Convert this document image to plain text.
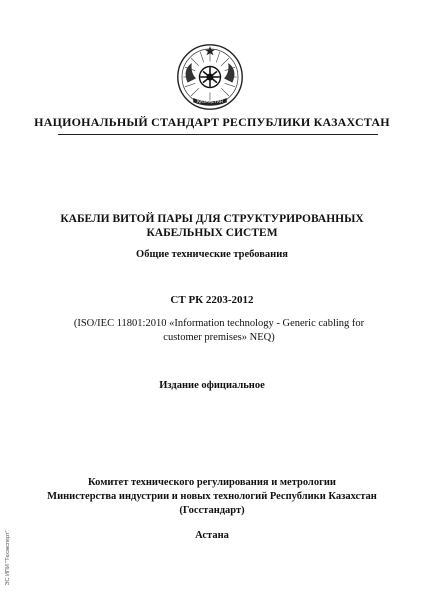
ҚАЗАҚСТАН
НАЦИОНАЛЬНЫЙ СТАНДАРТ РЕСПУБЛИКИ КАЗАХСТАН
КАБЕЛИ ВИТОЙ ПАРЫ ДЛЯ СТРУКТУРИРОВАННЫХ
КАБЕЛЬНЫХ СИСТЕМ
Общие технические требования
СТ РК 2203-2012
(ISO/IEC 11801:2010 «Information technology - Generic cabling for customer premises» NEQ)
Издание официальное
Комитет технического регулирования и метрологии
Министерства индустрии и новых технологий Республики Казахстан
(Госстандарт)
Астана
ЭС ИПИ "Техэксперт"
